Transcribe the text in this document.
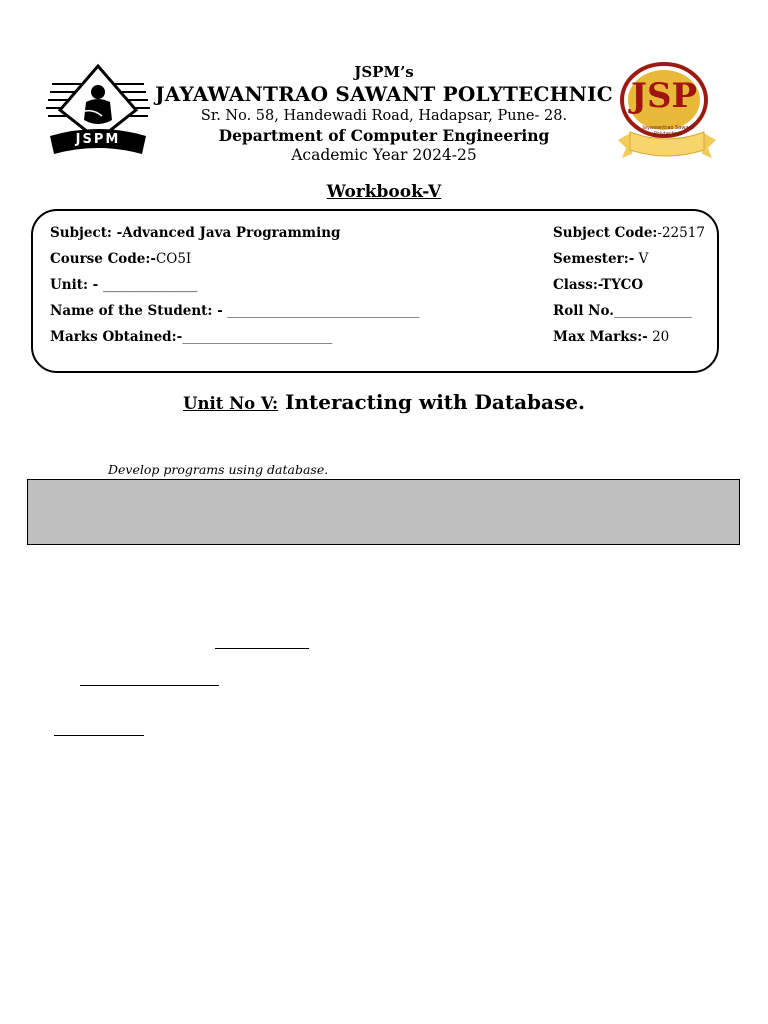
JSPM
JSP
Jayawantrao Sawant Polytechnic
JSPM’s
JAYAWANTRAO SAWANT POLYTECHNIC
Sr. No. 58, Handewadi Road, Hadapsar, Pune- 28.
Department of Computer Engineering
Academic Year 2024-25
Workbook-V
Subject: -Advanced Java Programming	Subject Code:-22517
Course Code:-CO5I	Semester:- V
Unit: - ______________	Class:-TYCO
Name of the Student: - ________________________________	Roll No._____________
Marks Obtained:-_________________________	Max Marks:- 20
Unit No V: Interacting with Database.
Develop programs using database.
